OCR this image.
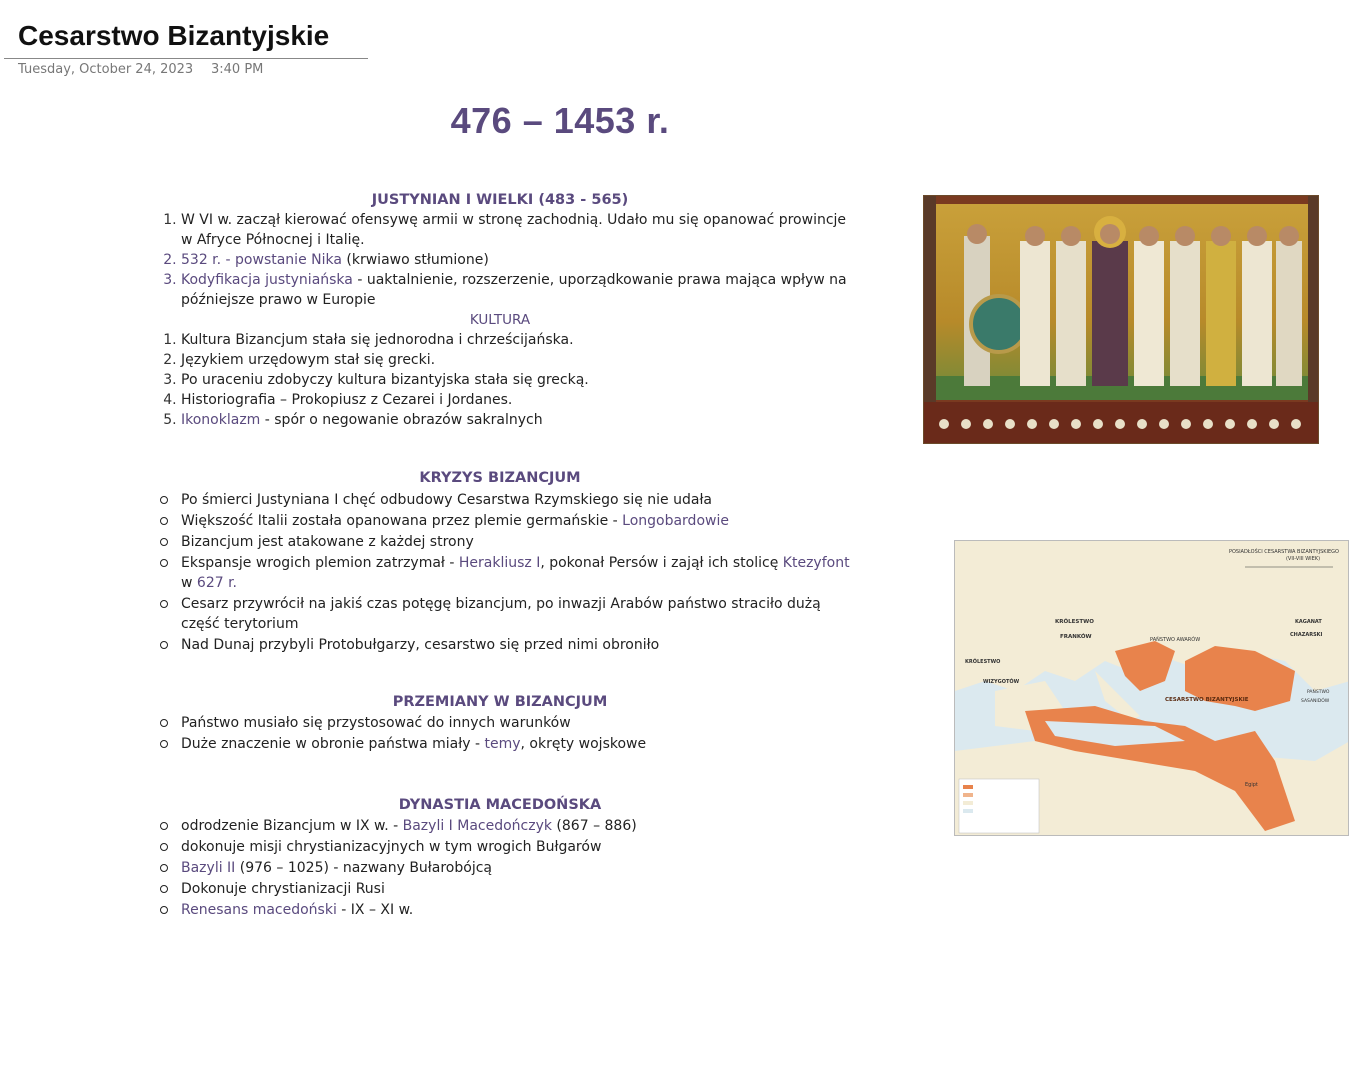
Cesarstwo Bizantyjskie
Tuesday, October 24, 2023 3:40 PM
476 – 1453 r.
JUSTYNIAN I WIELKI (483 - 565)
1. W VI w. zaczął kierować ofensywę armii w stronę zachodnią. Udało mu się opanować prowincje w Afryce Północnej i Italię.
2. 532 r. - powstanie Nika (krwiawo stłumione)
3. Kodyfikacja justyniańska - uaktalnienie, rozszerzenie, uporządkowanie prawa mająca wpływ na późniejsze prawo w Europie
KULTURA
1. Kultura Bizancjum stała się jednorodna i chrześcijańska.
2. Językiem urzędowym stał się grecki.
3. Po uraceniu zdobyczy kultura bizantyjska stała się grecką.
4. Historiografia – Prokopiusz z Cezarei i Jordanes.
5. Ikonoklazm - spór o negowanie obrazów sakralnych
KRYZYS BIZANCJUM
Po śmierci Justyniana I chęć odbudowy Cesarstwa Rzymskiego się nie udała
Większość Italii została opanowana przez plemie germańskie - Longobardowie
Bizancjum jest atakowane z każdej strony
Ekspansje wrogich plemion zatrzymał - Herakliusz I, pokonał Persów i zajął ich stolicę Ktezyfont w 627 r.
Cesarz przywrócił na jakiś czas potęgę bizancjum, po inwazji Arabów państwo straciło dużą część terytorium
Nad Dunaj przybyli Protobułgarzy, cesarstwo się przed nimi obroniło
PRZEMIANY W BIZANCJUM
Państwo musiało się przystosować do innych warunków
Duże znaczenie w obronie państwa miały - temy, okręty wojskowe
DYNASTIA MACEDOŃSKA
odrodzenie Bizancjum w IX w. - Bazyli I Macedończyk (867 – 886)
dokonuje misji chrystianizacyjnych w tym wrogich Bułgarów
Bazyli II (976 – 1025) - nazwany Bułarobójcą
Dokonuje chrystianizacji Rusi
Renesans macedoński - IX – XI w.
POSIADŁOŚCI CESARSTWA BIZANTYJSKIEGO
(VII-VIII WIEK)
KRÓLESTWO
FRANKÓW	PAŃSTWO AWARÓW
KAGANAT
CHAZARSKI
CESARSTWO BIZANTYJSKIE
KRÓLESTWO
WIZYGOTÓW
PAŃSTWO
SASANIDÓW
Egipt
